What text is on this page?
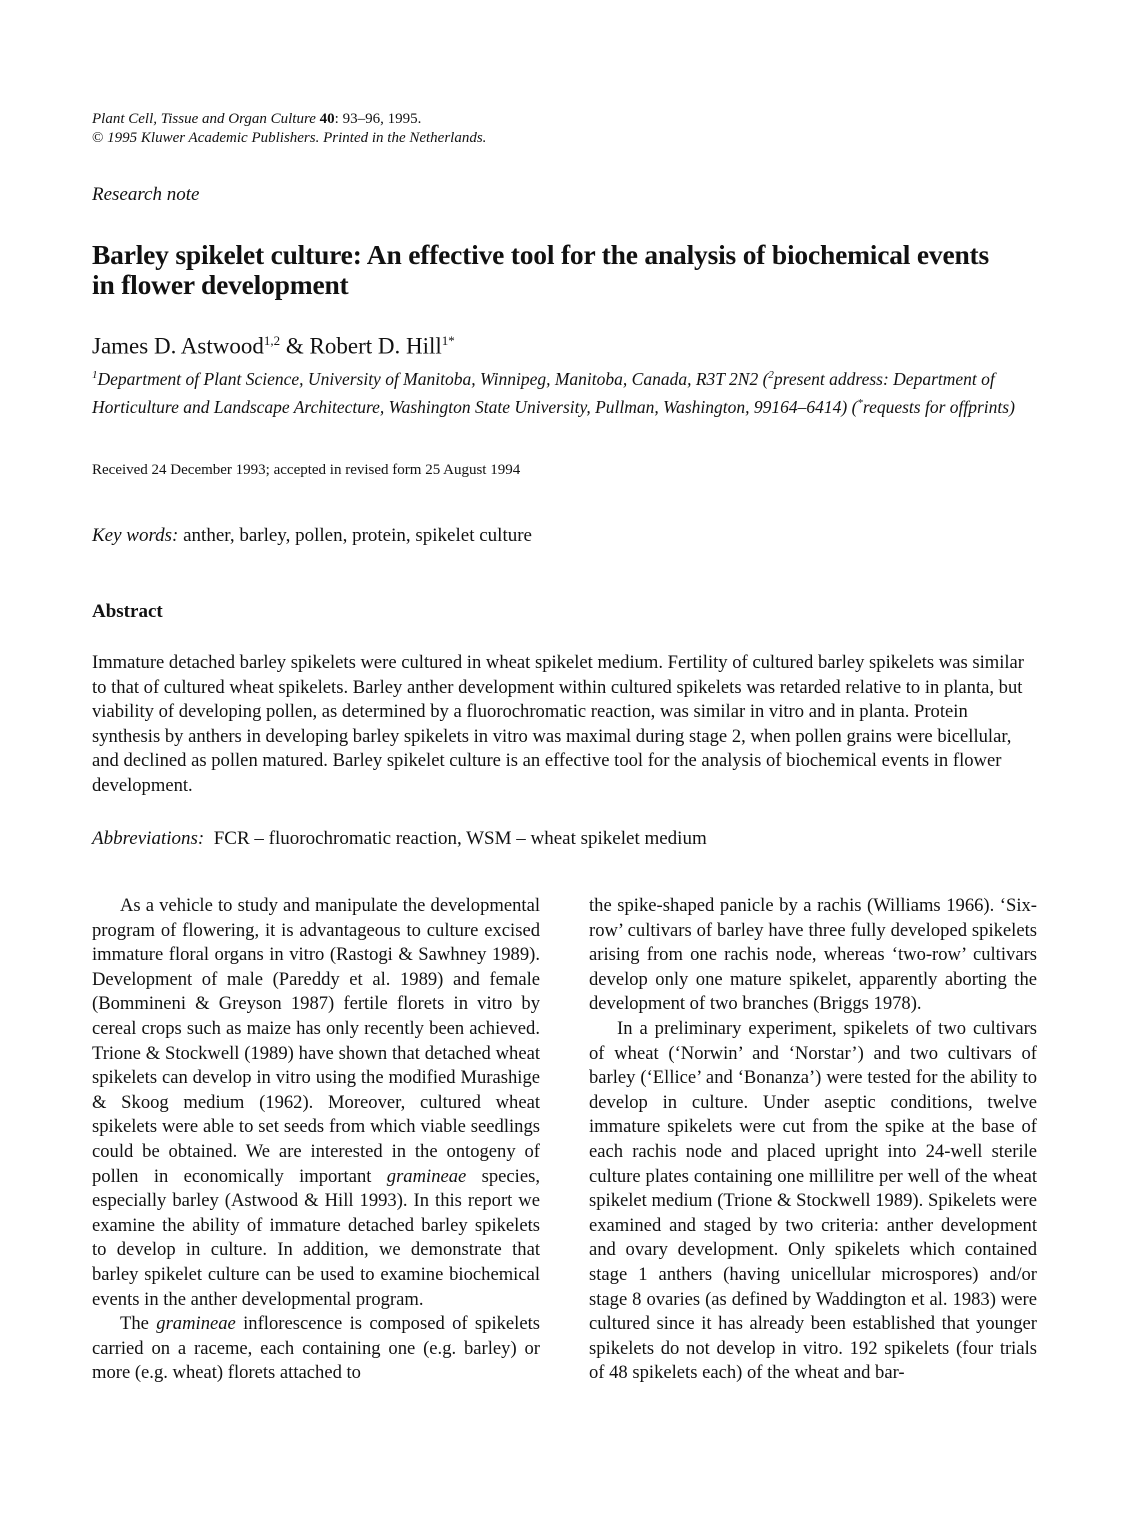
Plant Cell, Tissue and Organ Culture 40: 93–96, 1995.
© 1995 Kluwer Academic Publishers. Printed in the Netherlands.
Research note
Barley spikelet culture: An effective tool for the analysis of biochemical events in flower development
James D. Astwood$^{1,2}$ & Robert D. Hill$^{1*}$
$^1$Department of Plant Science, University of Manitoba, Winnipeg, Manitoba, Canada, R3T 2N2 ($^2$present address: Department of Horticulture and Landscape Architecture, Washington State University, Pullman, Washington, 99164–6414) (*requests for offprints)
Received 24 December 1993; accepted in revised form 25 August 1994
Key words: anther, barley, pollen, protein, spikelet culture
Abstract

Immature detached barley spikelets were cultured in wheat spikelet medium. Fertility of cultured barley spikelets was similar to that of cultured wheat spikelets. Barley anther development within cultured spikelets was retarded relative to in planta, but viability of developing pollen, as determined by a fluorochromatic reaction, was similar in vitro and in planta. Protein synthesis by anthers in developing barley spikelets in vitro was maximal during stage 2, when pollen grains were bicellular, and declined as pollen matured. Barley spikelet culture is an effective tool for the analysis of biochemical events in flower development.

Abbreviations: FCR – fluorochromatic reaction, WSM – wheat spikelet medium

As a vehicle to study and manipulate the developmental program of flowering, it is advantageous to culture excised immature floral organs in vitro (Rastogi & Sawhney 1989). Development of male (Pareddy et al. 1989) and female (Bommineni & Greyson 1987) fertile florets in vitro by cereal crops such as maize has only recently been achieved. Trione & Stockwell (1989) have shown that detached wheat spikelets can develop in vitro using the modified Murashige & Skoog medium (1962). Moreover, cultured wheat spikelets were able to set seeds from which viable seedlings could be obtained. We are interested in the ontogeny of pollen in economically important gramineae species, especially barley (Astwood & Hill 1993). In this report we examine the ability of immature detached barley spikelets to develop in culture. In addition, we demonstrate that barley spikelet culture can be used to examine biochemical events in the anther developmental program.

The gramineae inflorescence is composed of spikelets carried on a raceme, each containing one (e.g. barley) or more (e.g. wheat) florets attached to

the spike-shaped panicle by a rachis (Williams 1966). ‘Six-row’ cultivars of barley have three fully developed spikelets arising from one rachis node, whereas ‘two-row’ cultivars develop only one mature spikelet, apparently aborting the development of two branches (Briggs 1978).

In a preliminary experiment, spikelets of two cultivars of wheat (‘Norwin’ and ‘Norstar’) and two cultivars of barley (‘Ellice’ and ‘Bonanza’) were tested for the ability to develop in culture. Under aseptic conditions, twelve immature spikelets were cut from the spike at the base of each rachis node and placed upright into 24-well sterile culture plates containing one millilitre per well of the wheat spikelet medium (Trione & Stockwell 1989). Spikelets were examined and staged by two criteria: anther development and ovary development. Only spikelets which contained stage 1 anthers (having unicellular microspores) and/or stage 8 ovaries (as defined by Waddington et al. 1983) were cultured since it has already been established that younger spikelets do not develop in vitro. 192 spikelets (four trials of 48 spikelets each) of the wheat and bar-
